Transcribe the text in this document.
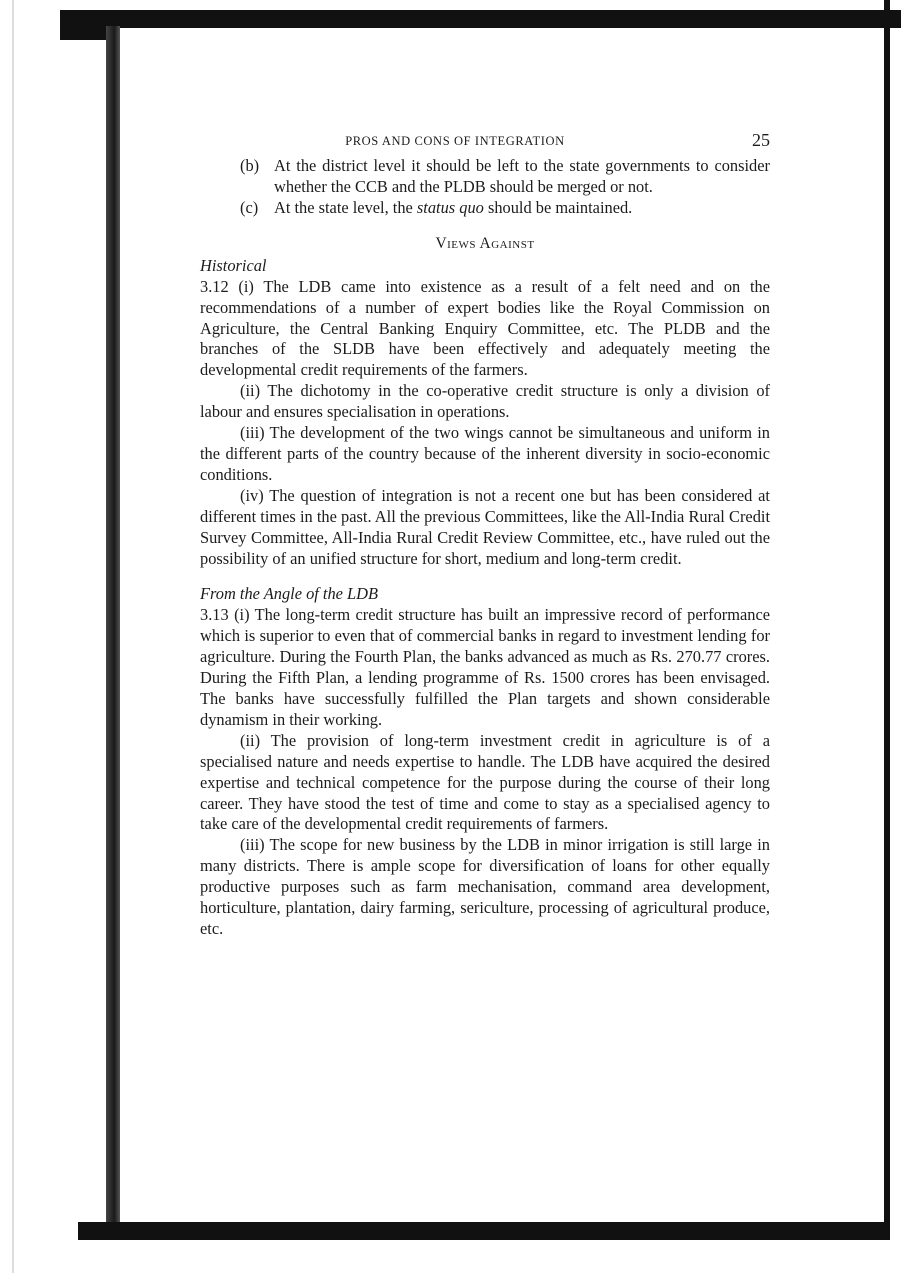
PROS AND CONS OF INTEGRATION	25

(b) At the district level it should be left to the state governments to consider whether the CCB and the PLDB should be merged or not.

(c) At the state level, the status quo should be maintained.

Views Against
Historical

3.12 (i) The LDB came into existence as a result of a felt need and on the recommendations of a number of expert bodies like the Royal Commission on Agriculture, the Central Banking Enquiry Committee, etc. The PLDB and the branches of the SLDB have been effectively and adequately meeting the developmental credit requirements of the farmers.

(ii) The dichotomy in the co-operative credit structure is only a division of labour and ensures specialisation in operations.

(iii) The development of the two wings cannot be simultaneous and uniform in the different parts of the country because of the inherent diversity in socio-economic conditions.

(iv) The question of integration is not a recent one but has been considered at different times in the past. All the previous Committees, like the All-India Rural Credit Survey Committee, All-India Rural Credit Review Committee, etc., have ruled out the possibility of an unified structure for short, medium and long-term credit.

From the Angle of the LDB

3.13 (i) The long-term credit structure has built an impressive record of performance which is superior to even that of commercial banks in regard to investment lending for agriculture. During the Fourth Plan, the banks advanced as much as Rs. 270.77 crores. During the Fifth Plan, a lending programme of Rs. 1500 crores has been envisaged. The banks have successfully fulfilled the Plan targets and shown considerable dynamism in their working.

(ii) The provision of long-term investment credit in agriculture is of a specialised nature and needs expertise to handle. The LDB have acquired the desired expertise and technical competence for the purpose during the course of their long career. They have stood the test of time and come to stay as a specialised agency to take care of the developmental credit requirements of farmers.

(iii) The scope for new business by the LDB in minor irrigation is still large in many districts. There is ample scope for diversification of loans for other equally productive purposes such as farm mechanisation, command area development, horticulture, plantation, dairy farming, sericulture, processing of agricultural produce, etc.
